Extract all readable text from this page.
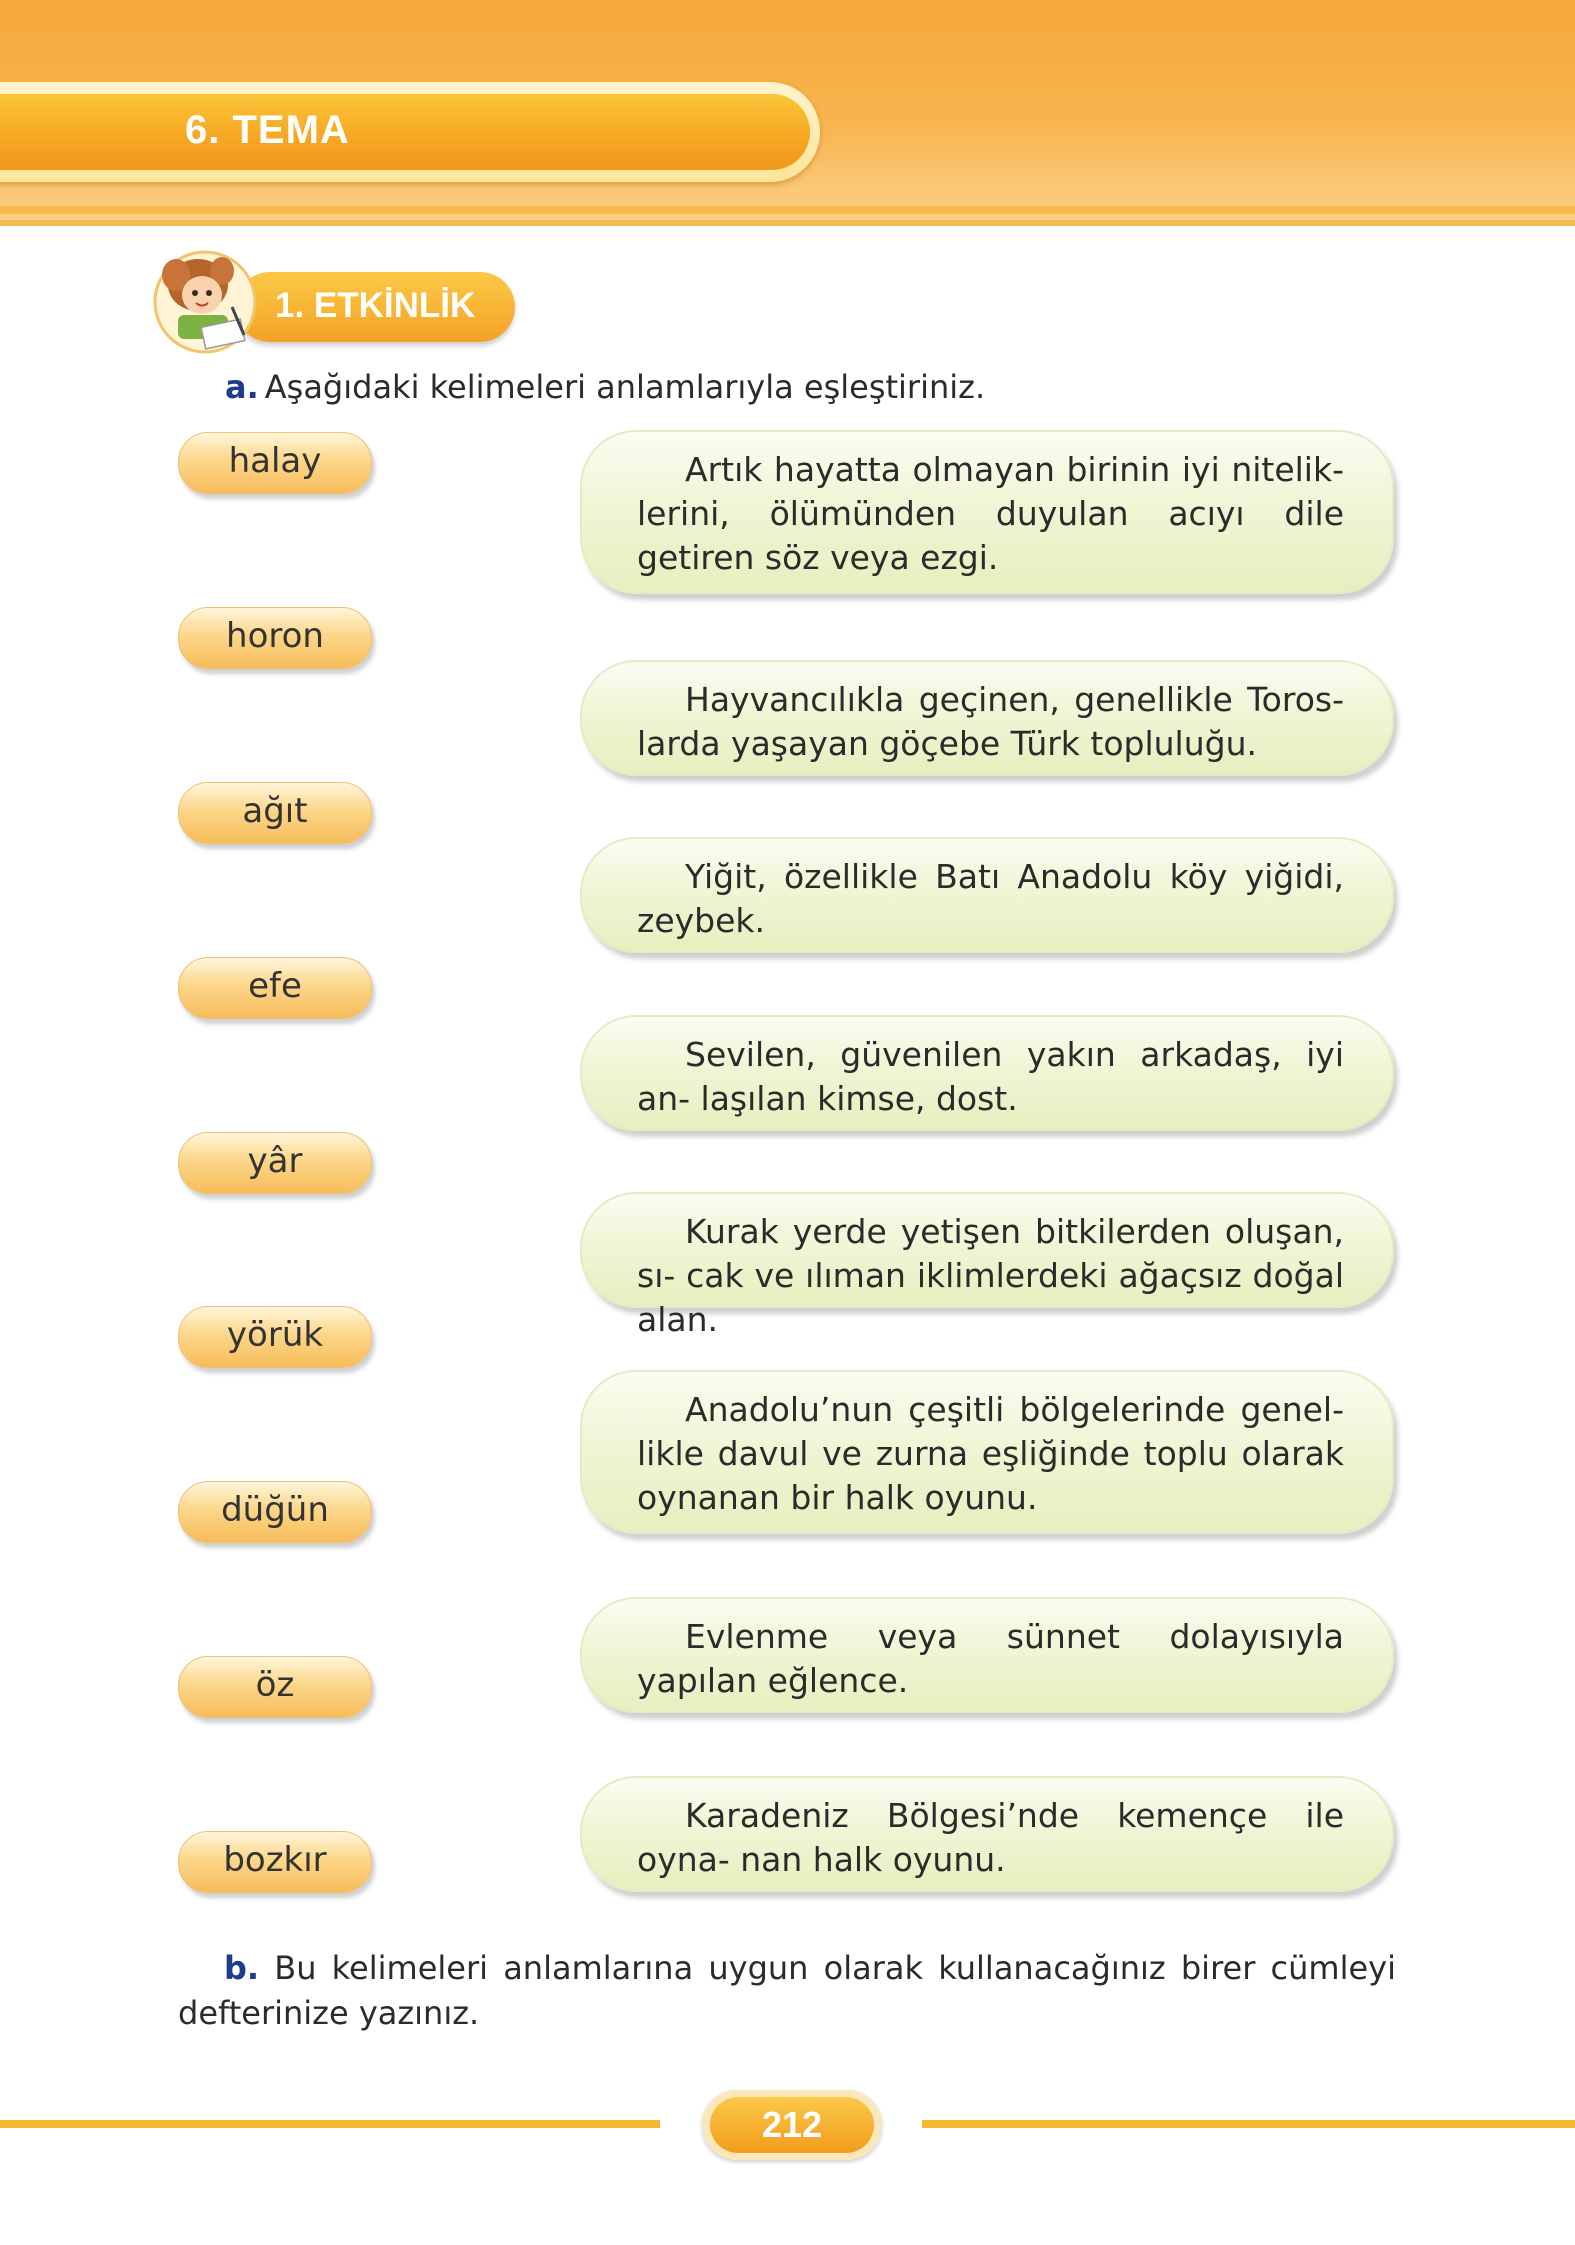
6. TEMA
1. ETKİNLİK
a. Aşağıdaki kelimeleri anlamlarıyla eşleştiriniz.
halay
horon
ağıt
efe
yâr
yörük
düğün
öz
bozkır

Artık hayatta olmayan birinin iyi nitelik- lerini, ölümünden duyulan acıyı dile getiren söz veya ezgi.

Hayvancılıkla geçinen, genellikle Toros- larda yaşayan göçebe Türk topluluğu.

Yiğit, özellikle Batı Anadolu köy yiğidi, zeybek.

Sevilen, güvenilen yakın arkadaş, iyi an- laşılan kimse, dost.

Kurak yerde yetişen bitkilerden oluşan, sı- cak ve ılıman iklimlerdeki ağaçsız doğal alan.

Anadolu’nun çeşitli bölgelerinde genel- likle davul ve zurna eşliğinde toplu olarak oynanan bir halk oyunu.

Evlenme veya sünnet dolayısıyla yapılan eğlence.

Karadeniz Bölgesi’nde kemençe ile oyna- nan halk oyunu.

b. Bu kelimeleri anlamlarına uygun olarak kullanacağınız birer cümleyi defterinize yazınız.
212
